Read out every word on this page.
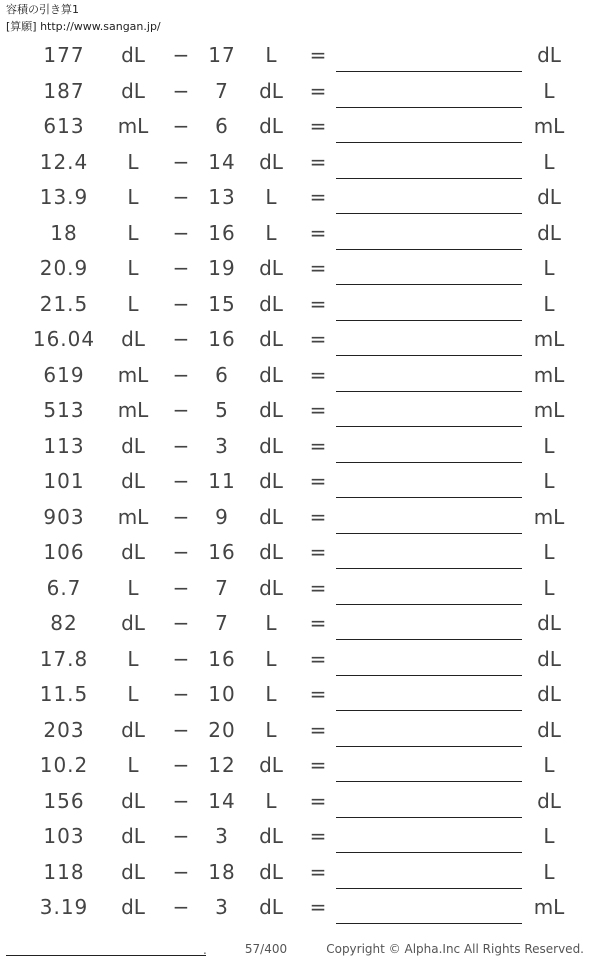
容積の引き算1
[算願] http://www.sangan.jp/
177	dL	− 17	L	=	dL
187	dL	−	7	dL	=	L
613	mL	−	6	dL	=	mL
12.4	L	− 14	dL	=	L
13.9	L	− 13	L	=	dL
18	L	− 16	L	=	dL
20.9	L	− 19	dL	=	L
21.5	L	− 15	dL	=	L
16.04	dL	− 16	dL	=	mL
619	mL	−	6	dL	=	mL
513	mL	−	5	dL	=	mL
113	dL	−	3	dL	=	L
101	dL	− 11	dL	=	L
903	mL	−	9	dL	=	mL
106	dL	− 16	dL	=	L
6.7	L	−	7	dL	=	L
82	dL	−	7	L	=	dL
17.8	L	− 16	L	=	dL
11.5	L	− 10	L	=	dL
203	dL	− 20	L	=	dL
10.2	L	− 12	dL	=	L
156	dL	− 14	L	=	dL
103	dL	−	3	dL	=	L
118	dL	− 18	dL	=	L
3.19	dL	−	3	dL	=	mL
.	57/400	Copyright © Alpha.Inc All Rights Reserved.
